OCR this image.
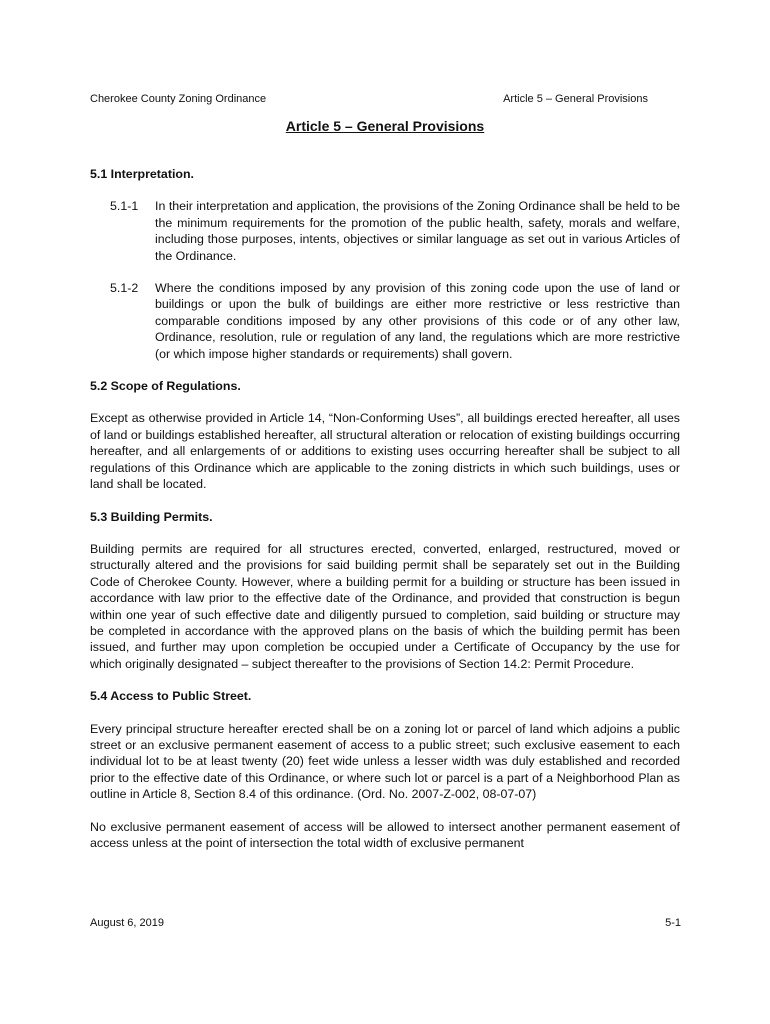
Cherokee County Zoning Ordinance	Article 5 – General Provisions
Article 5 – General Provisions
5.1 Interpretation.
5.1-1	In their interpretation and application, the provisions of the Zoning Ordinance shall be held to be the minimum requirements for the promotion of the public health, safety, morals and welfare, including those purposes, intents, objectives or similar language as set out in various Articles of the Ordinance.
5.1-2	Where the conditions imposed by any provision of this zoning code upon the use of land or buildings or upon the bulk of buildings are either more restrictive or less restrictive than comparable conditions imposed by any other provisions of this code or of any other law, Ordinance, resolution, rule or regulation of any land, the regulations which are more restrictive (or which impose higher standards or requirements) shall govern.
5.2 Scope of Regulations.

Except as otherwise provided in Article 14, “Non-Conforming Uses”, all buildings erected hereafter, all uses of land or buildings established hereafter, all structural alteration or relocation of existing buildings occurring hereafter, and all enlargements of or additions to existing uses occurring hereafter shall be subject to all regulations of this Ordinance which are applicable to the zoning districts in which such buildings, uses or land shall be located.

5.3 Building Permits.

Building permits are required for all structures erected, converted, enlarged, restructured, moved or structurally altered and the provisions for said building permit shall be separately set out in the Building Code of Cherokee County. However, where a building permit for a building or structure has been issued in accordance with law prior to the effective date of the Ordinance, and provided that construction is begun within one year of such effective date and diligently pursued to completion, said building or structure may be completed in accordance with the approved plans on the basis of which the building permit has been issued, and further may upon completion be occupied under a Certificate of Occupancy by the use for which originally designated – subject thereafter to the provisions of Section 14.2: Permit Procedure.

5.4 Access to Public Street.

Every principal structure hereafter erected shall be on a zoning lot or parcel of land which adjoins a public street or an exclusive permanent easement of access to a public street; such exclusive easement to each individual lot to be at least twenty (20) feet wide unless a lesser width was duly established and recorded prior to the effective date of this Ordinance, or where such lot or parcel is a part of a Neighborhood Plan as outline in Article 8, Section 8.4 of this ordinance. (Ord. No. 2007-Z-002, 08-07-07)

No exclusive permanent easement of access will be allowed to intersect another permanent easement of access unless at the point of intersection the total width of exclusive permanent

August 6, 2019	5-1
